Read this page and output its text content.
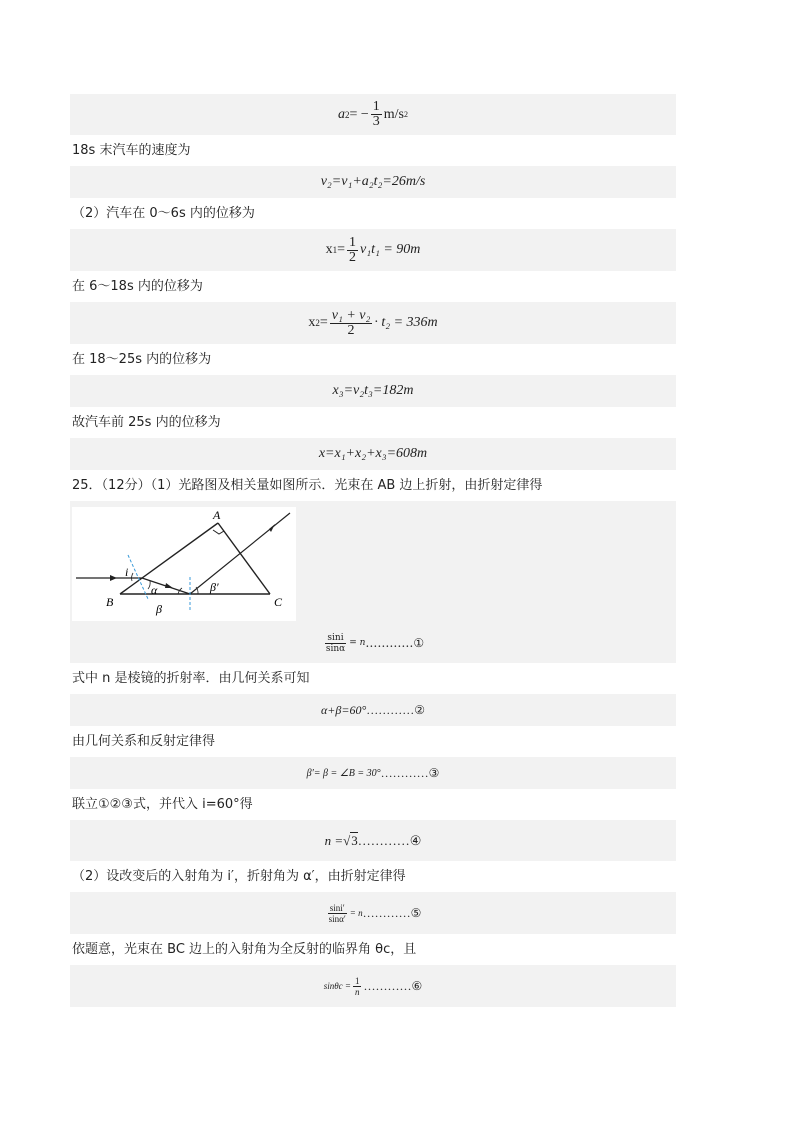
a 2 = − $\frac{1}{3} m/s$ 2
18s 末汽车的速度为
v₂=v₁+a₂t₂=26m/s
（2）汽车在 0～6s 内的位移为
x $1 = \frac{1}{2} v_1t_1 = 90m$
在 6～18s 内的位移为
x $2 = \frac{\text{v₁ + v₂}}{2} \cdot t_2 = 336m$
在 18～25s 内的位移为
x₃=v₂t₃=182m
故汽车前 25s 内的位移为
x=x₁+x₂+x₃=608m
25．（12分）（1）光路图及相关量如图所示．光束在 AB 边上折射，由折射定律得
A
B	C
i
α
β
β′
$\frac{\sin i}{\sin\alpha} = n$ …………①
式中 n 是棱镜的折射率．由几何关系可知
α+β=60° …………②
由几何关系和反射定律得
β′= β = ∠B = 30° …………③
联立①②③式，并代入 i=60°得
n = √ 3 …………④
（2）设改变后的入射角为 i′，折射角为 α′，由折射定律得
$\frac{\sin i'}{\sin\alpha'} = n$ …………⑤
依题意，光束在 BC 边上的入射角为全反射的临界角 θc，且
$\sin\theta c = \frac{1}{n}$ …………⑥
